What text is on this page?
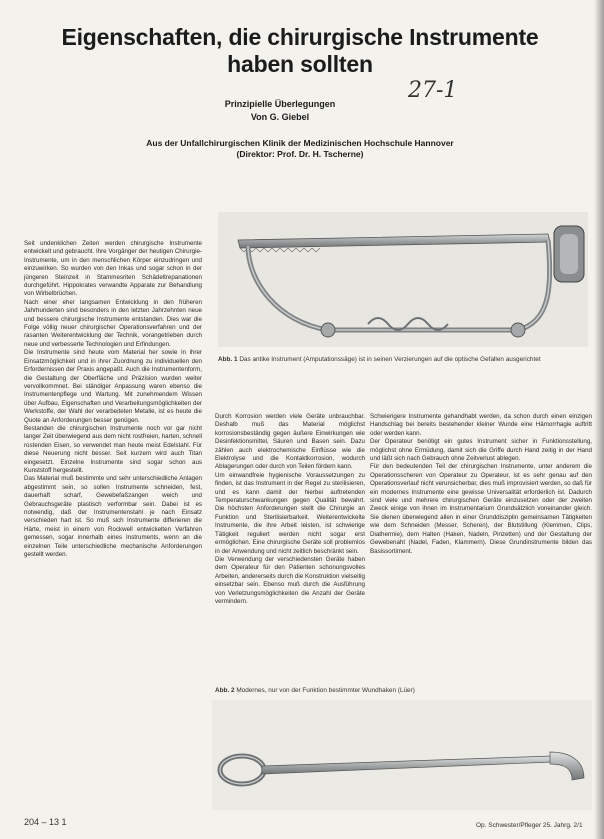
Eigenschaften, die chirurgische Instrumente
haben sollten
27-1
Prinzipielle Überlegungen
Von G. Giebel
Aus der Unfallchirurgischen Klinik der Medizinischen Hochschule Hannover
(Direktor: Prof. Dr. H. Tscherne)

Seit undenklichen Zeiten werden chirurgische Instrumente entwickelt und gebraucht. Ihre Vorgänger der heutigen Chirurgie-Instrumente, um in den menschlichen Körper einzudringen und einzuwirken. So wurden von den Inkas und sogar schon in der jüngeren Steinzeit in Stammesriten Schädeltrepanationen durchgeführt. Hippokrates verwandte Apparate zur Behandlung von Wirbelbrüchen.

Nach einer eher langsamen Entwicklung in den früheren Jahrhunderten sind besonders in den letzten Jahrzehnten neue und bessere chirurgische Instrumente entstanden. Dies war die Folge völlig neuer chirurgischer Operationsverfahren und der rasanten Weiterentwicklung der Technik, vorangetrieben durch neue und verbesserte Technologien und Erfindungen.

Die Instrumente sind heute vom Material her sowie in ihrer Einsatzmöglichkeit und in ihrer Zuordnung zu individuellen den Erfordernissen der Praxis angepaßt. Auch die Instrumentenform, die Gestaltung der Oberfläche und Präzision wurden weiter vervollkommnet. Bei ständiger Anpassung waren ebenso die Instrumentenpflege und Wartung. Mit zunehmendem Wissen über Aufbau, Eigenschaften und Verarbeitungsmöglichkeiten der Werkstoffe, der Wahl der verarbeiteten Metalle, ist es heute die Quote an Anforderungen besser genügen.

Bestanden die chirurgischen Instrumente noch vor gar nicht langer Zeit überwiegend aus dem nicht rostfreien, harten, schnell rostenden Eisen, so verwendet man heute meist Edelstahl. Für diese Neuerung nicht besser. Seit kurzem wird auch Titan eingesetzt. Einzelne Instrumente sind sogar schon aus Kunststoff hergestellt.

Das Material muß bestimmte und sehr unterschiedliche Anlagen abgestimmt sein, so sollen Instrumente schneiden, fest, dauerhaft scharf, Gewebefaßzangen weich und Gebrauchsgeräte plastisch verformbar sein. Dabei ist es notwendig, daß der Instrumentenstahl je nach Einsatz verschieden hart ist. So muß sich Instrumente differieren die Härte, meist in einem von Rockwell entwickelten Verfahren gemessen, sogar innerhalb eines Instruments, wenn an die einzelnen Teile unterschiedliche mechanische Anforderungen gestellt werden.

Abb. 1 Das antike Instrument (Amputationssäge) ist in seinen Verzierungen auf die optische Gefallen ausgerichtet

Durch Korrosion werden viele Geräte unbrauchbar. Deshalb muß das Material möglichst korrosionsbeständig gegen äußere Einwirkungen wie Desinfektionsmittel, Säuren und Basen sein. Dazu zählen auch elektrochemische Einflüsse wie die Elektrolyse und die Kontaktkorrosion, wodurch Ablagerungen oder durch von Teilen fördern kann.

Um einwandfreie hygienische Voraussetzungen zu finden, ist das Instrument in der Regel zu sterilisieren, und es kann damit der hierbei auftretenden Temperaturschwankungen gegen Qualität bewahrt. Die höchsten Anforderungen stellt die Chirurgie an Funktion und Sterilisierbarkeit. Weiterentwickelte Instrumente, die ihre Arbeit leisten, ist schwierige Tätigkeit reguliert werden nicht sogar erst ermöglichen. Eine chirurgische Geräte soll problemlos in der Anwendung und nicht zeitlich beschränkt sein.

Die Verwendung der verschiedensten Geräte haben dem Operateur für den Patienten schonungsvolles Arbeiten, andererseits durch die Konstruktion vielseitig einsetzbar sein. Ebenso muß durch die Ausführung von Verletzungsmöglichkeiten die Anzahl der Geräte vermindern.

Schwierigere Instrumente gehandhabt werden, da schon durch einen einzigen Handschlag bei bereits bestehender kleiner Wunde eine Hämorrhagie auftritt oder werden kann.

Der Operateur benötigt ein gutes Instrument sicher in Funktionsstellung, möglichst ohne Ermüdung, damit sich die Griffe durch Hand zeitig in der Hand und läßt sich nach Gebrauch ohne Zeitverlust ablegen.

Für den bedeutenden Teil der chirurgischen Instrumente, unter anderem die Operationsscheren von Operateur zu Operateur, ist es sehr genau auf den Operationsverlauf nicht verunsicherbar, dies muß improvisiert werden, so daß für ein modernes Instrumente eine gewisse Universalität erforderlich ist. Dadurch sind viele und mehrere chirurgischen Geräte einzusetzen oder der zweiten Zweck einige von ihnen im Instrumentarium Grundsätzlich voneinander gleich. Sie dienen überwiegend allen in einer Grunddisziplin gemeinsamen Tätigkeiten wie dem Schneiden (Messer, Scheren), der Blutstillung (Klemmen, Clips, Diathermie), dem Halten (Haken, Nadeln, Pinzetten) und der Gestaltung der Gewebenaht (Nadel, Faden, Klammern). Diese Grundinstrumente bilden das Basissortiment.

Abb. 2 Modernes, nur von der Funktion bestimmter Wundhaken (Lüer)
204 – 13 1	Op. Schwester/Pfleger 25. Jahrg. 2/1
